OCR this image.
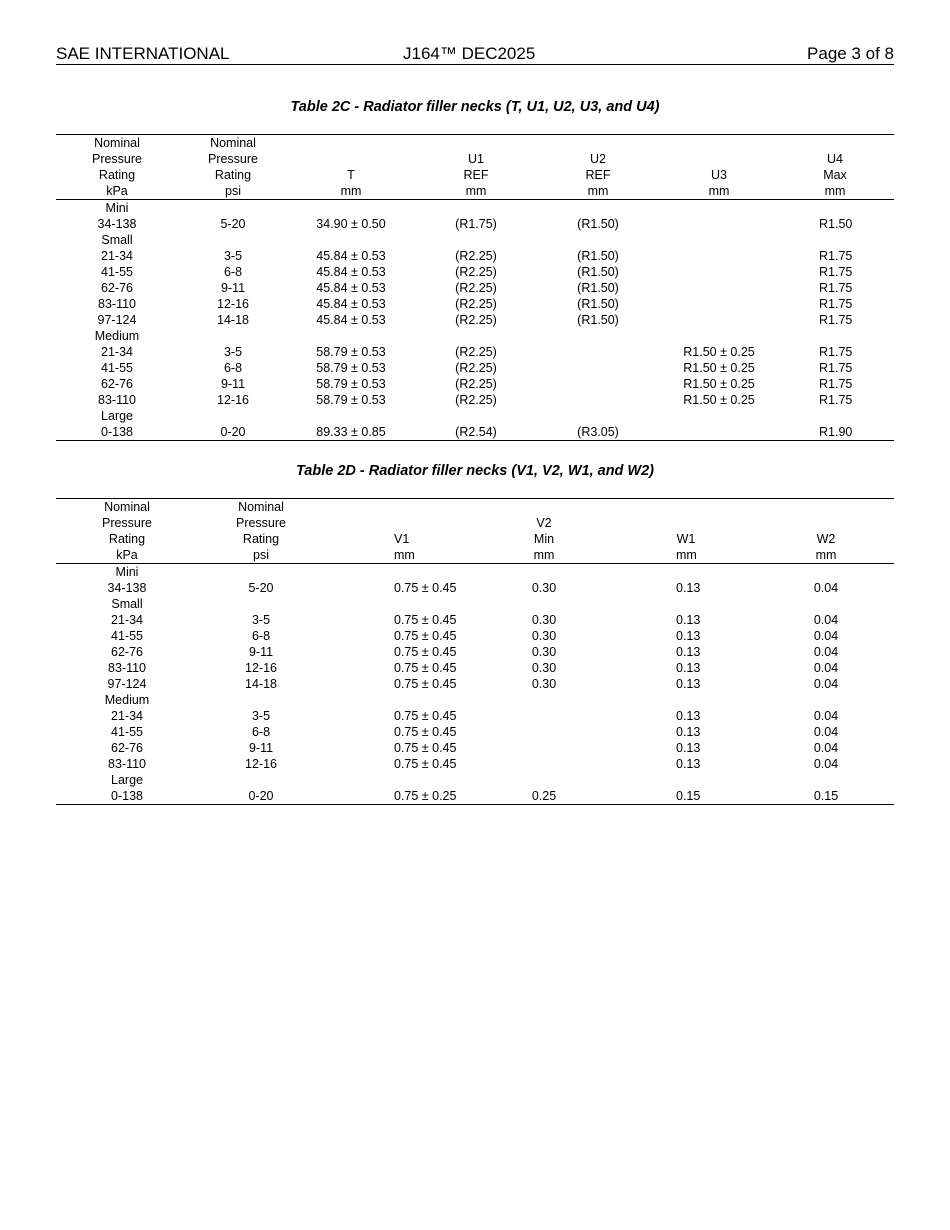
SAE INTERNATIONAL	J164™ DEC2025	Page 3 of 8
Table 2C - Radiator filler necks (T, U1, U2, U3, and U4)
Nominal	Nominal					
Pressure	Pressure		U1	U2		U4
Rating	Rating	T	REF	REF	U3	Max
kPa	psi	mm	mm	mm	mm	mm
Mini						
34-138	5-20	34.90 ± 0.50	(R1.75)	(R1.50)		R1.50
Small						
21-34	3-5	45.84 ± 0.53	(R2.25)	(R1.50)		R1.75
41-55	6-8	45.84 ± 0.53	(R2.25)	(R1.50)		R1.75
62-76	9-11	45.84 ± 0.53	(R2.25)	(R1.50)		R1.75
83-110	12-16	45.84 ± 0.53	(R2.25)	(R1.50)		R1.75
97-124	14-18	45.84 ± 0.53	(R2.25)	(R1.50)		R1.75
Medium						
21-34	3-5	58.79 ± 0.53	(R2.25)		R1.50 ± 0.25	R1.75
41-55	6-8	58.79 ± 0.53	(R2.25)		R1.50 ± 0.25	R1.75
62-76	9-11	58.79 ± 0.53	(R2.25)		R1.50 ± 0.25	R1.75
83-110	12-16	58.79 ± 0.53	(R2.25)		R1.50 ± 0.25	R1.75
Large						
0-138	0-20	89.33 ± 0.85	(R2.54)	(R3.05)		R1.90
Table 2D - Radiator filler necks (V1, V2, W1, and W2)
Nominal	Nominal				
Pressure	Pressure		V2		
Rating	Rating	V1	Min	W1	W2
kPa	psi	mm	mm	mm	mm
Mini					
34-138	5-20	0.75 ± 0.45	0.30	0.13	0.04
Small					
21-34	3-5	0.75 ± 0.45	0.30	0.13	0.04
41-55	6-8	0.75 ± 0.45	0.30	0.13	0.04
62-76	9-11	0.75 ± 0.45	0.30	0.13	0.04
83-110	12-16	0.75 ± 0.45	0.30	0.13	0.04
97-124	14-18	0.75 ± 0.45	0.30	0.13	0.04
Medium					
21-34	3-5	0.75 ± 0.45		0.13	0.04
41-55	6-8	0.75 ± 0.45		0.13	0.04
62-76	9-11	0.75 ± 0.45		0.13	0.04
83-110	12-16	0.75 ± 0.45		0.13	0.04
Large					
0-138	0-20	0.75 ± 0.25	0.25	0.15	0.15
